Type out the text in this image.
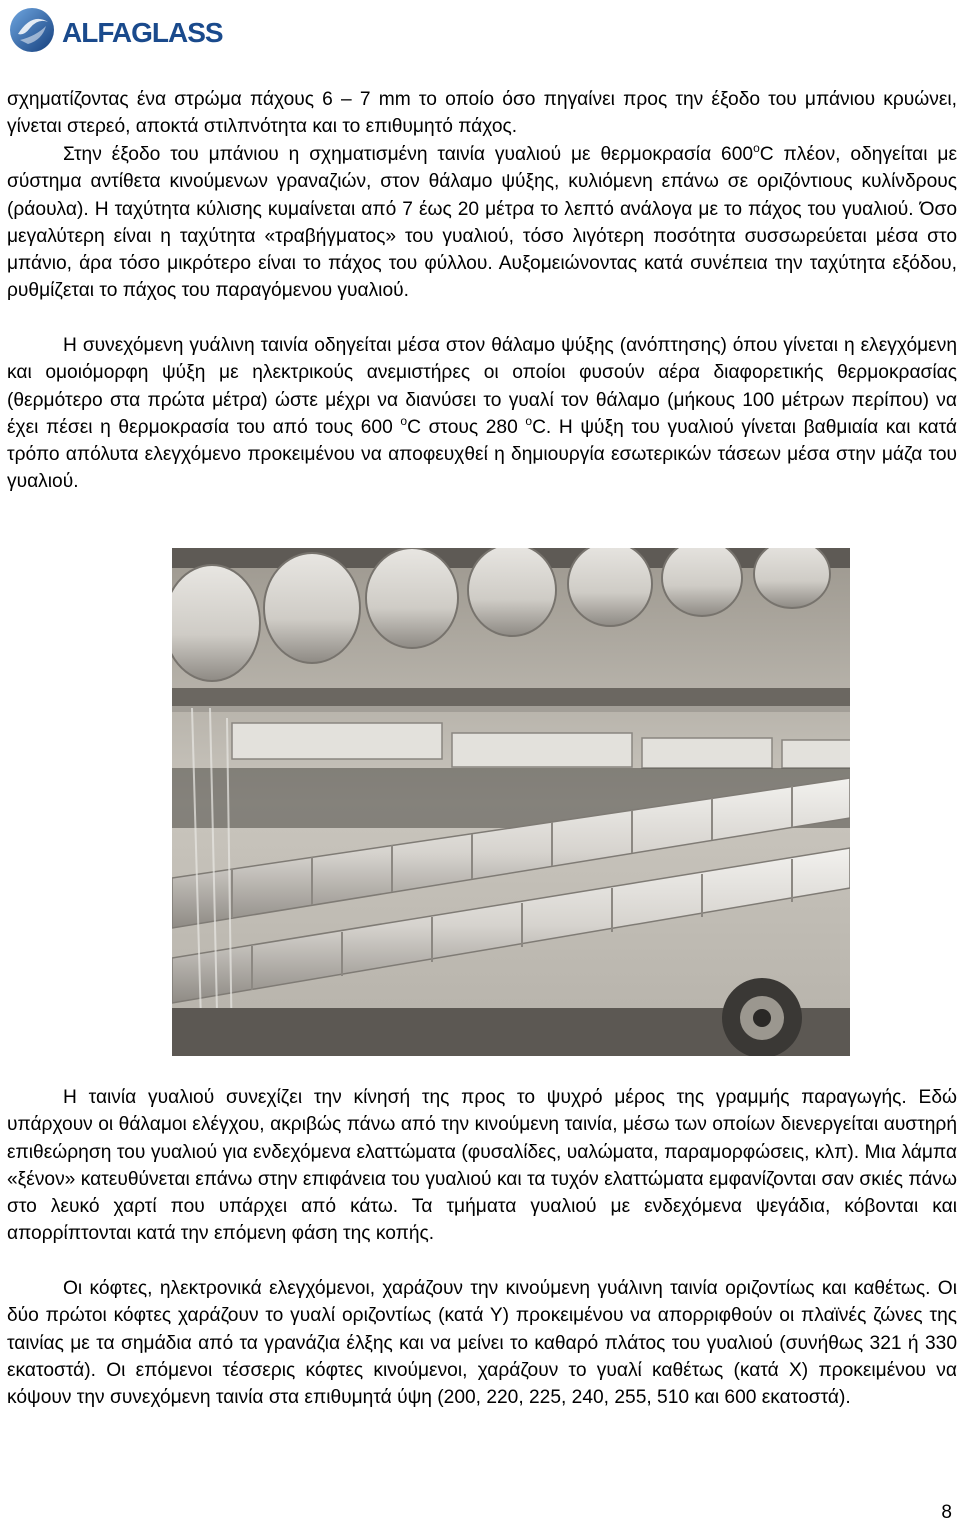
ALFAGLASS

σχηματίζοντας ένα στρώμα πάχους 6 – 7 mm το οποίο όσο πηγαίνει προς την έξοδο του μπάνιου κρυώνει, γίνεται στερεό, αποκτά στιλπνότητα και το επιθυμητό πάχος.

Στην έξοδο του μπάνιου η σχηματισμένη ταινία γυαλιού με θερμοκρασία $600^oC$ πλέον, οδηγείται με σύστημα αντίθετα κινούμενων γραναζιών, στον θάλαμο ψύξης, κυλιόμενη επάνω σε οριζόντιους κυλίνδρους (ράουλα). Η ταχύτητα κύλισης κυμαίνεται από 7 έως 20 μέτρα το λεπτό ανάλογα με το πάχος του γυαλιού. Όσο μεγαλύτερη είναι η ταχύτητα «τραβήγματος» του γυαλιού, τόσο λιγότερη ποσότητα συσσωρεύεται μέσα στο μπάνιο, άρα τόσο μικρότερο είναι το πάχος του φύλλου. Αυξομειώνοντας κατά συνέπεια την ταχύτητα εξόδου, ρυθμίζεται το πάχος του παραγόμενου γυαλιού.

Η συνεχόμενη γυάλινη ταινία οδηγείται μέσα στον θάλαμο ψύξης (ανόπτησης) όπου γίνεται η ελεγχόμενη και ομοιόμορφη ψύξη με ηλεκτρικούς ανεμιστήρες οι οποίοι φυσούν αέρα διαφορετικής θερμοκρασίας (θερμότερο στα πρώτα μέτρα) ώστε μέχρι να διανύσει το γυαλί τον θάλαμο (μήκους 100 μέτρων περίπου) να έχει πέσει η θερμοκρασία του από τους 600 $^o$C στους 280 $^o$C. Η ψύξη του γυαλιού γίνεται βαθμιαία και κατά τρόπο απόλυτα ελεγχόμενο προκειμένου να αποφευχθεί η δημιουργία εσωτερικών τάσεων μέσα στην μάζα του γυαλιού.

Η ταινία γυαλιού συνεχίζει την κίνησή της προς το ψυχρό μέρος της γραμμής παραγωγής. Εδώ υπάρχουν οι θάλαμοι ελέγχου, ακριβώς πάνω από την κινούμενη ταινία, μέσω των οποίων διενεργείται αυστηρή επιθεώρηση του γυαλιού για ενδεχόμενα ελαττώματα (φυσαλίδες, υαλώματα, παραμορφώσεις, κλπ). Μια λάμπα «ξένον» κατευθύνεται επάνω στην επιφάνεια του γυαλιού και τα τυχόν ελαττώματα εμφανίζονται σαν σκιές πάνω στο λευκό χαρτί που υπάρχει από κάτω. Τα τμήματα γυαλιού με ενδεχόμενα ψεγάδια, κόβονται και απορρίπτονται κατά την επόμενη φάση της κοπής.

Οι κόφτες, ηλεκτρονικά ελεγχόμενοι, χαράζουν την κινούμενη γυάλινη ταινία οριζοντίως και καθέτως. Οι δύο πρώτοι κόφτες χαράζουν το γυαλί οριζοντίως (κατά Υ) προκειμένου να απορριφθούν οι πλαϊνές ζώνες της ταινίας με τα σημάδια από τα γρανάζια έλξης και να μείνει το καθαρό πλάτος του γυαλιού (συνήθως 321 ή 330 εκατοστά). Οι επόμενοι τέσσερις κόφτες κινούμενοι, χαράζουν το γυαλί καθέτως (κατά Χ) προκειμένου να κόψουν την συνεχόμενη ταινία στα επιθυμητά ύψη (200, 220, 225, 240, 255, 510 και 600 εκατοστά).

8
